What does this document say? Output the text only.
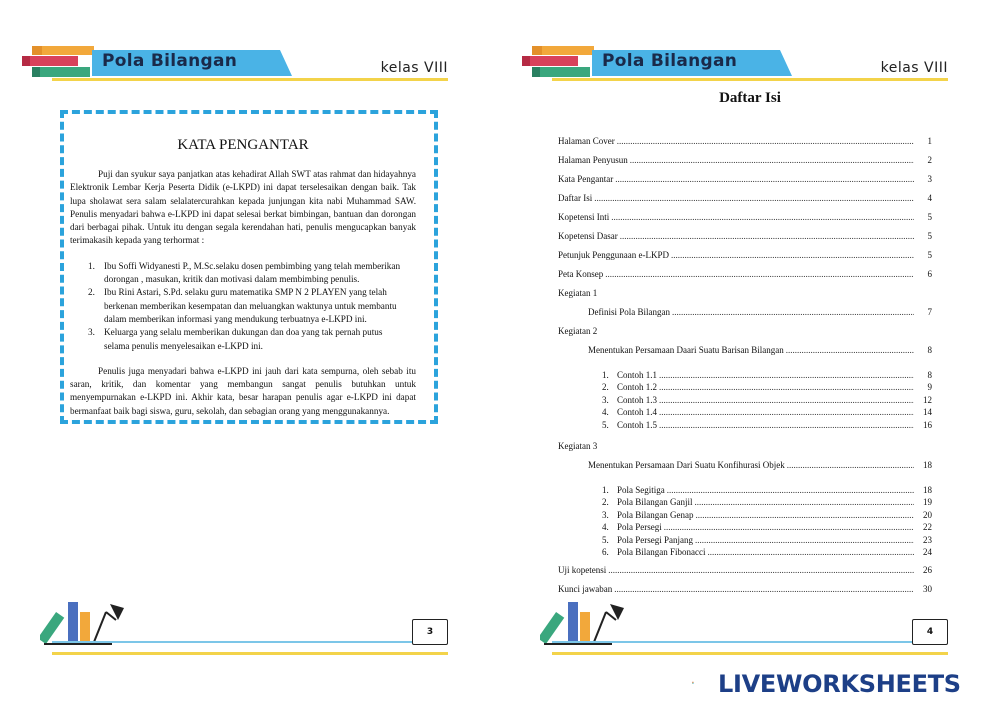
Pola Bilangan	kelas VIII
KATA PENGANTAR

Puji dan syukur saya panjatkan atas kehadirat Allah SWT atas rahmat dan hidayahnya Elektronik Lembar Kerja Peserta Didik (e-LKPD) ini dapat terselesaikan dengan baik. Tak lupa sholawat sera salam selalatercurahkan kepada junjungan kita nabi Muhammad SAW. Penulis menyadari bahwa e-LKPD ini dapat selesai berkat bimbingan, bantuan dan dorongan dari berbagai pihak. Untuk itu dengan segala kerendahan hati, penulis mengucapkan banyak terimakasih kepada yang terhormat :

1. Ibu Soffi Widyanesti P., M.Sc.selaku dosen pembimbing yang telah memberikan dorongan , masukan, kritik dan motivasi dalam membimbing penulis.
2. Ibu Rini Astari, S.Pd. selaku guru matematika SMP N 2 PLAYEN yang telah berkenan memberikan kesempatan dan meluangkan waktunya untuk membantu dalam memberikan informasi yang mendukung terbuatnya e-LKPD ini.
3. Keluarga yang selalu memberikan dukungan dan doa yang tak pernah putus selama penulis menyelesaikan e-LKPD ini.

Penulis juga menyadari bahwa e-LKPD ini jauh dari kata sempurna, oleh sebab itu saran, kritik, dan komentar yang membangun sangat penulis butuhkan untuk menyempurnakan e-LKPD ini. Akhir kata, besar harapan penulis agar e-LKPD ini dapat bermanfaat baik bagi siswa, guru, sekolah, dan sebagian orang yang menggunakannya.

3
Pola Bilangan	kelas VIII
Daftar Isi
4
Halaman Cover .....	1
Halaman Penyusun .....	2
Kata Pengantar .....	3
Daftar Isi .....	4
Kopetensi Inti .....	5
Kopetensi Dasar .....	5
Petunjuk Penggunaan e-LKPD .....	5
Peta Konsep .....	6
Kegiatan 1
Definisi Pola Bilangan .....	7
Kegiatan 2
Menentukan Persamaan Daari Suatu Barisan Bilangan .....	8
1. Contoh 1.1 .....	8
2. Contoh 1.2 .....	9
3. Contoh 1.3 .....	12
4. Contoh 1.4 .....	14
5. Contoh 1.5 .....	16
Kegiatan 3
Menentukan Persamaan Dari Suatu Konfihurasi Objek .....	18
1. Pola Segitiga .....	18
2. Pola Bilangan Ganjil .....	19
3. Pola Bilangan Genap .....	20
4. Pola Persegi .....	22
5. Pola Persegi Panjang .....	23
6. Pola Bilangan Fibonacci .....	24
Uji kopetensi .....	26
Kunci jawaban .....	30
LIVEWORKSHEETS
